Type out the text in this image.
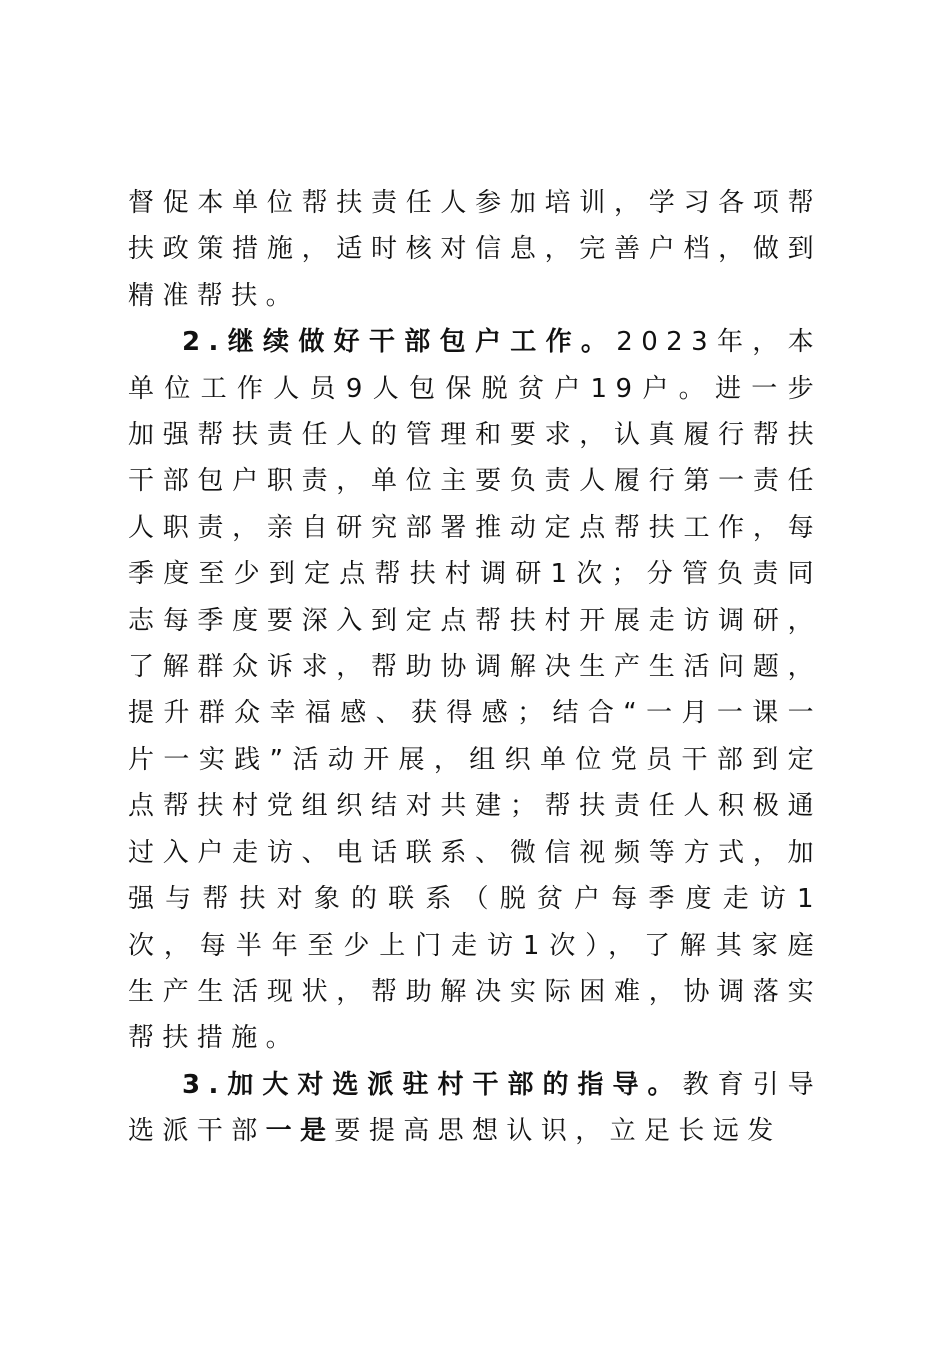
督促本单位帮扶责任人参加培训，学习各项帮扶政策措施，适时核对信息，完善户档，做到精准帮扶。

2.继续做好干部包户工作。2023年，本单位工作人员9人包保脱贫户19户。进一步加强帮扶责任人的管理和要求，认真履行帮扶干部包户职责，单位主要负责人履行第一责任人职责，亲自研究部署推动定点帮扶工作，每季度至少到定点帮扶村调研1次；分管负责同志每季度要深入到定点帮扶村开展走访调研，了解群众诉求，帮助协调解决生产生活问题，提升群众幸福感、获得感；结合“一月一课一片一实践”活动开展，组织单位党员干部到定点帮扶村党组织结对共建；帮扶责任人积极通过入户走访、电话联系、微信视频等方式，加强与帮扶对象的联系（脱贫户每季度走访1次，每半年至少上门走访1次），了解其家庭生产生活现状，帮助解决实际困难，协调落实帮扶措施。

3.加大对选派驻村干部的指导。教育引导选派干部一是要提高思想认识，立足长远发
